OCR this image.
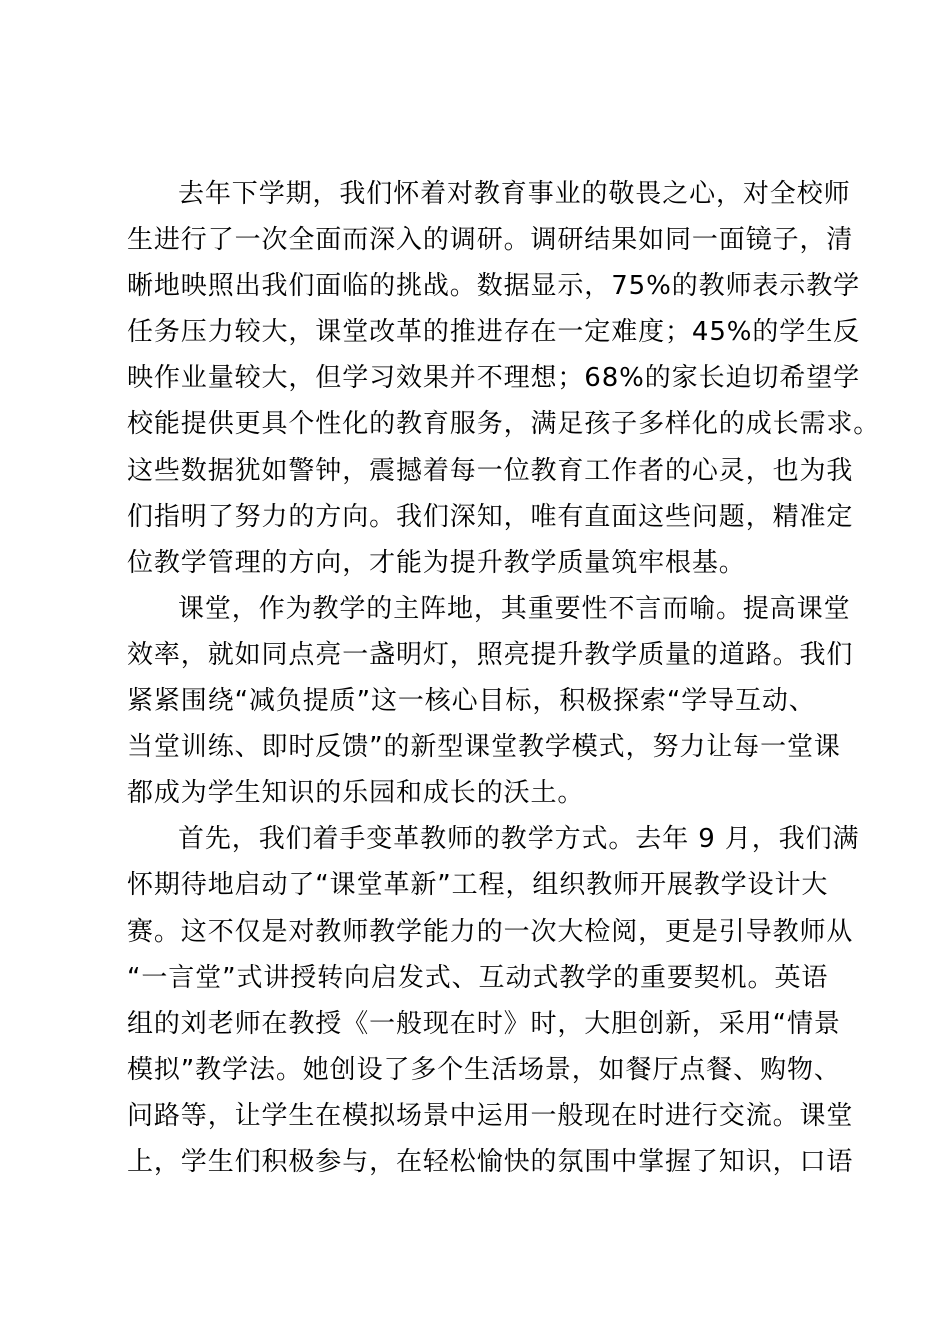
去年下学期，我们怀着对教育事业的敬畏之心，对全校师
生进行了一次全面而深入的调研。调研结果如同一面镜子，清
晰地映照出我们面临的挑战。数据显示，75%的教师表示教学
任务压力较大，课堂改革的推进存在一定难度；45%的学生反
映作业量较大，但学习效果并不理想；68%的家长迫切希望学
校能提供更具个性化的教育服务，满足孩子多样化的成长需求。
这些数据犹如警钟，震撼着每一位教育工作者的心灵，也为我
们指明了努力的方向。我们深知，唯有直面这些问题，精准定
位教学管理的方向，才能为提升教学质量筑牢根基。
课堂，作为教学的主阵地，其重要性不言而喻。提高课堂
效率，就如同点亮一盏明灯，照亮提升教学质量的道路。我们
紧紧围绕“减负提质”这一核心目标，积极探索“学导互动、
当堂训练、即时反馈”的新型课堂教学模式，努力让每一堂课
都成为学生知识的乐园和成长的沃土。
首先，我们着手变革教师的教学方式。去年 9 月，我们满
怀期待地启动了“课堂革新”工程，组织教师开展教学设计大
赛。这不仅是对教师教学能力的一次大检阅，更是引导教师从
“一言堂”式讲授转向启发式、互动式教学的重要契机。英语
组的刘老师在教授《一般现在时》时，大胆创新，采用“情景
模拟”教学法。她创设了多个生活场景，如餐厅点餐、购物、
问路等，让学生在模拟场景中运用一般现在时进行交流。课堂
上，学生们积极参与，在轻松愉快的氛围中掌握了知识，口语
